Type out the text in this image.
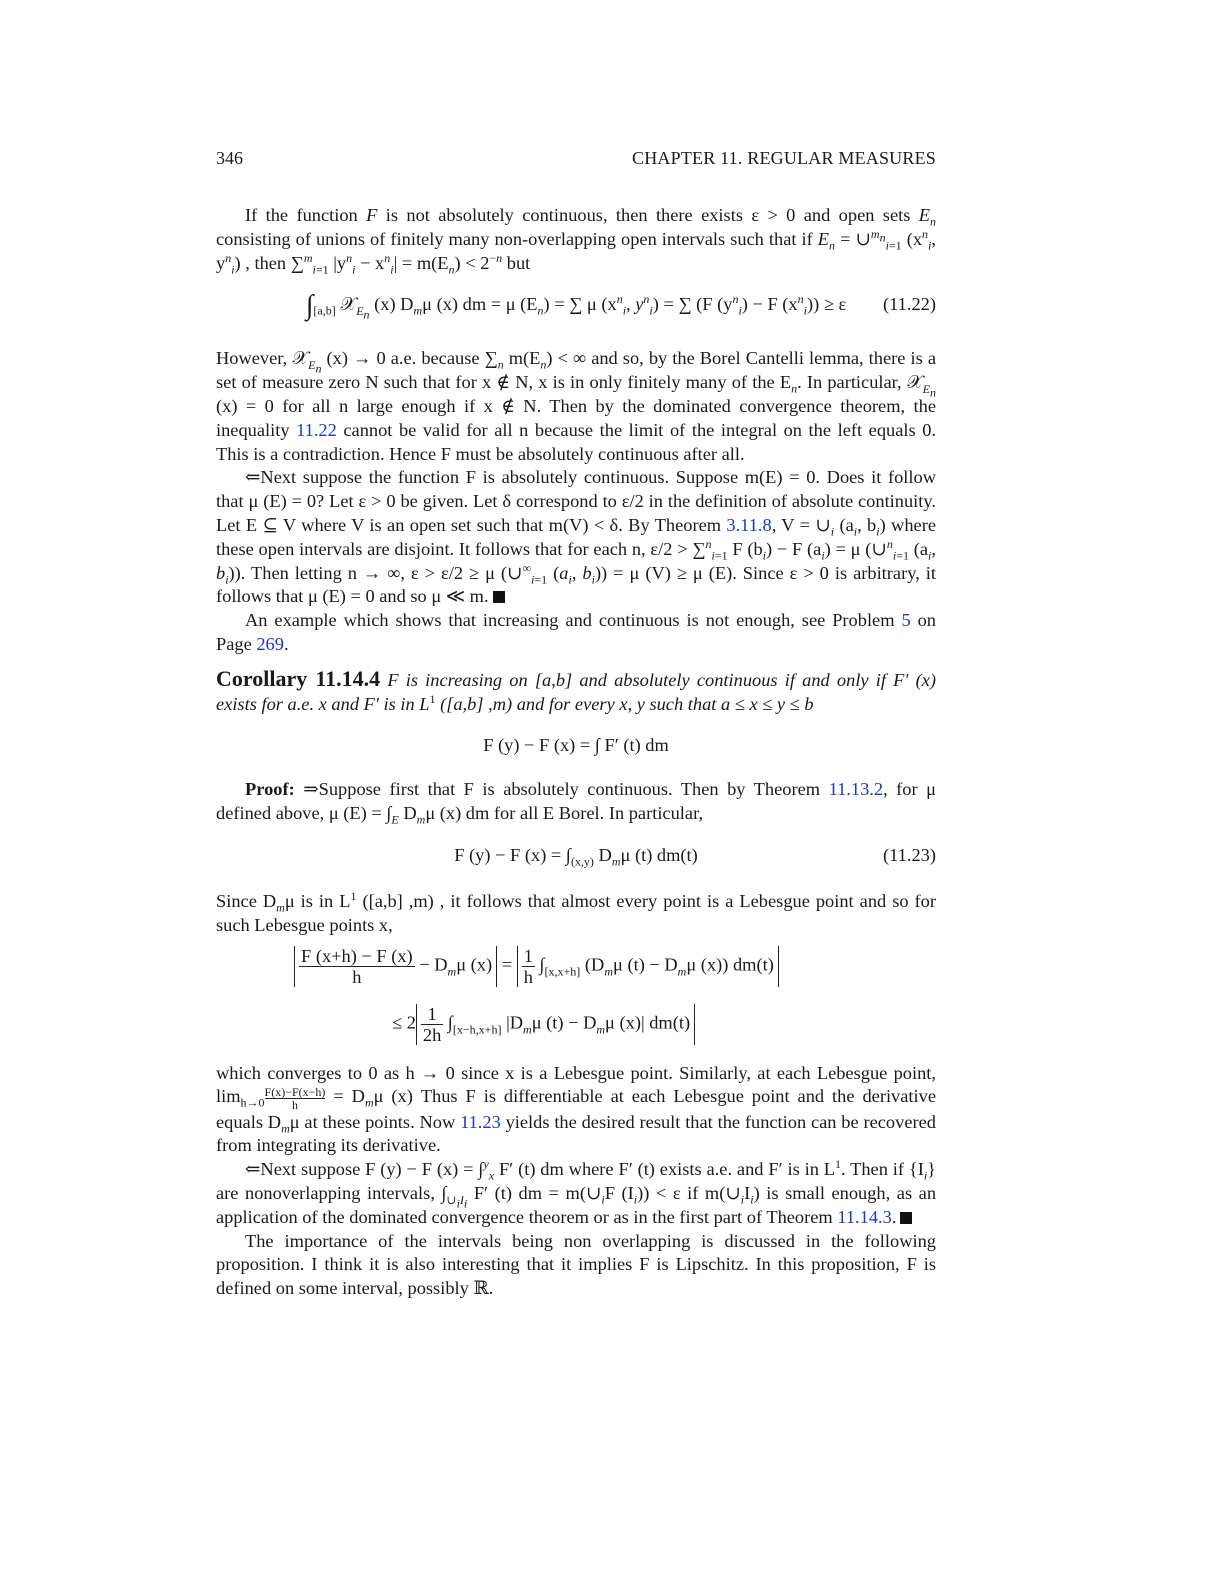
346	CHAPTER 11. REGULAR MEASURES

If the function F is not absolutely continuous, then there exists ε > 0 and open sets $E_n$ consisting of unions of finitely many non-overlapping open intervals such that if $E_n$ = ∪$^{m_n}_{i=1}$ ($x^n_i$, $y^n_i$) , then ∑$^m_{i=1}$ $|y^n_i - x^n_i| = m(E_n) < 2^{-n}$ but

$\int_{[a,b]}$ 𝒳$_{E_n}$ (x) $D_m\mu$ (x) dm = μ $(E_n)$ = ∑ μ ($x^n_i$, $y^n_i$) = ∑ (F $(y^n_i) - F$ $(x^n_i)) \ge \varepsilon$	(11.22)

However, 𝒳$_{E_n}$ (x) → 0 a.e. because $\sum_n$ $m(E_n)$ < ∞ and so, by the Borel Cantelli lemma, there is a set of measure zero N such that for x ∉ N, x is in only finitely many of the $E_n$. In particular, 𝒳$_{E_n}$ (x) = 0 for all n large enough if x ∉ N. Then by the dominated convergence theorem, the inequality 11.22 cannot be valid for all n because the limit of the integral on the left equals 0. This is a contradiction. Hence F must be absolutely continuous after all.

⇐Next suppose the function F is absolutely continuous. Suppose m(E) = 0. Does it follow that μ (E) = 0? Let ε > 0 be given. Let δ correspond to ε/2 in the definition of absolute continuity. Let E ⊆ V where V is an open set such that m(V) < δ. By Theorem 3.11.8, $V = \cup_i$ ($a_i$, $b_i$) where these open intervals are disjoint. It follows that for each n, ε/2 > ∑$^n_{i=1}$ F $(b_i) - F$ $(a_i) = \mu$ (∪$^n_{i=1}$ ($a_i$, $b_i$)). Then letting n → ∞, ε > ε/2 ≥ μ ($\cup^\infty_{i=1}$ ($a_i$, $b_i)) = \mu$ (V) ≥ μ (E). Since ε > 0 is arbitrary, it follows that μ (E) = 0 and so μ ≪ m.

An example which shows that increasing and continuous is not enough, see Problem 5 on Page 269.

Corollary 11.14.4 F is increasing on [a,b] and absolutely continuous if and only if F′ (x) exists for a.e. x and F′ is in $L^1$ ([a,b] ,m) and for every x, y such that a ≤ x ≤ y ≤ b

F (y) − F (x) = ∫ F′ (t) dm

Proof: ⇒Suppose first that F is absolutely continuous. Then by Theorem 11.13.2, for μ defined above, μ $(E) = \int_E$ $D_m\mu$ (x) dm for all E Borel. In particular,

F (y) − F $(x) = \int_{(x,y)}$ $D_m\mu$ (t) dm(t)	(11.23)

Since $D_m\mu$ is in $L^1$ ([a,b] ,m) , it follows that almost every point is a Lebesgue point and so for such Lebesgue points x,

$\frac{F (x+h) - F (x)}{h} - D_m\mu$ $(x) = \frac{1}{h} \int_{[x,x+h]}$ ($D_m\mu$ $(t) - D_m\mu$ (x)) dm(t)
≤ $2 \frac{1}{2h} \int_{[x-h,x+h]}$ $|D_m\mu$ $(t) - D_m\mu$ (x)| dm(t)

which converges to 0 as h → 0 since x is a Lebesgue point. Similarly, at each Lebesgue point, $\lim_{h\to 0} \frac{F(x)-F(x-h)}{h} = D_m\mu$ (x) Thus F is differentiable at each Lebesgue point and the derivative equals $D_m\mu$ at these points. Now 11.23 yields the desired result that the function can be recovered from integrating its derivative.

⇐Next suppose F (y) − F (x) = ∫$^y_x$ F′ (t) dm where F′ (t) exists a.e. and F′ is in $L^1$. Then if $\{I_i\}$ are nonoverlapping intervals, $\int_{\cup_iI_i}$ F′ (t) dm = $m(\cup_iF$ $(I_i)) < \varepsilon$ if $m(\cup_iI_i)$ is small enough, as an application of the dominated convergence theorem or as in the first part of Theorem 11.14.3.

The importance of the intervals being non overlapping is discussed in the following proposition. I think it is also interesting that it implies F is Lipschitz. In this proposition, F is defined on some interval, possibly ℝ.
